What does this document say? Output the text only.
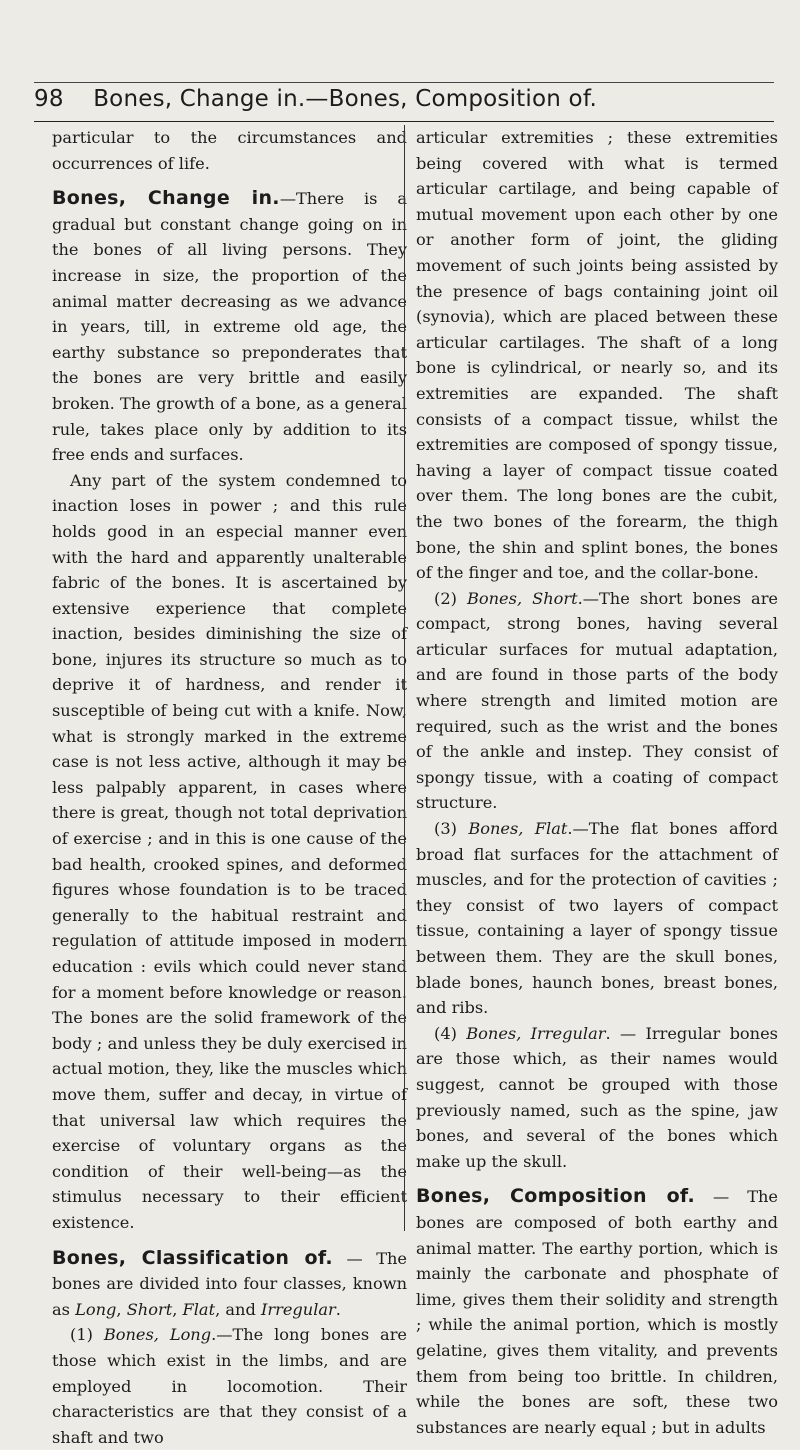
98 Bones, Change in.—Bones, Composition of.

particular to the circumstances and occurrences of life.

Bones, Change in.—There is a gradual but constant change going on in the bones of all living persons. They increase in size, the proportion of the animal matter decreasing as we advance in years, till, in extreme old age, the earthy substance so preponderates that the bones are very brittle and easily broken. The growth of a bone, as a general rule, takes place only by addition to its free ends and surfaces.

Any part of the system condemned to inaction loses in power ; and this rule holds good in an especial manner even with the hard and apparently unalterable fabric of the bones. It is ascertained by extensive experience that complete inaction, besides diminishing the size of bone, injures its structure so much as to deprive it of hardness, and render it susceptible of being cut with a knife. Now, what is strongly marked in the extreme case is not less active, although it may be less palpably apparent, in cases where there is great, though not total deprivation of exercise ; and in this is one cause of the bad health, crooked spines, and deformed figures whose foundation is to be traced generally to the habitual restraint and regulation of attitude imposed in modern education : evils which could never stand for a moment before knowledge or reason. The bones are the solid framework of the body ; and unless they be duly exercised in actual motion, they, like the muscles which move them, suffer and decay, in virtue of that universal law which requires the exercise of voluntary organs as the condition of their well-being—as the stimulus necessary to their efficient existence.

Bones, Classification of. — The bones are divided into four classes, known as Long, Short, Flat, and Irregular.

(1) Bones, Long.—The long bones are those which exist in the limbs, and are employed in locomotion. Their characteristics are that they consist of a shaft and two

articular extremities ; these extremities being covered with what is termed articular cartilage, and being capable of mutual movement upon each other by one or another form of joint, the gliding movement of such joints being assisted by the presence of bags containing joint oil (synovia), which are placed between these articular cartilages. The shaft of a long bone is cylindrical, or nearly so, and its extremities are expanded. The shaft consists of a compact tissue, whilst the extremities are composed of spongy tissue, having a layer of compact tissue coated over them. The long bones are the cubit, the two bones of the forearm, the thigh bone, the shin and splint bones, the bones of the finger and toe, and the collar-bone.

(2) Bones, Short.—The short bones are compact, strong bones, having several articular surfaces for mutual adaptation, and are found in those parts of the body where strength and limited motion are required, such as the wrist and the bones of the ankle and instep. They consist of spongy tissue, with a coating of compact structure.

(3) Bones, Flat.—The flat bones afford broad flat surfaces for the attachment of muscles, and for the protection of cavities ; they consist of two layers of compact tissue, containing a layer of spongy tissue between them. They are the skull bones, blade bones, haunch bones, breast bones, and ribs.

(4) Bones, Irregular. — Irregular bones are those which, as their names would suggest, cannot be grouped with those previously named, such as the spine, jaw bones, and several of the bones which make up the skull.

Bones, Composition of. — The bones are composed of both earthy and animal matter. The earthy portion, which is mainly the carbonate and phosphate of lime, gives them their solidity and strength ; while the animal portion, which is mostly gelatine, gives them vitality, and prevents them from being too brittle. In children, while the bones are soft, these two substances are nearly equal ; but in adults
